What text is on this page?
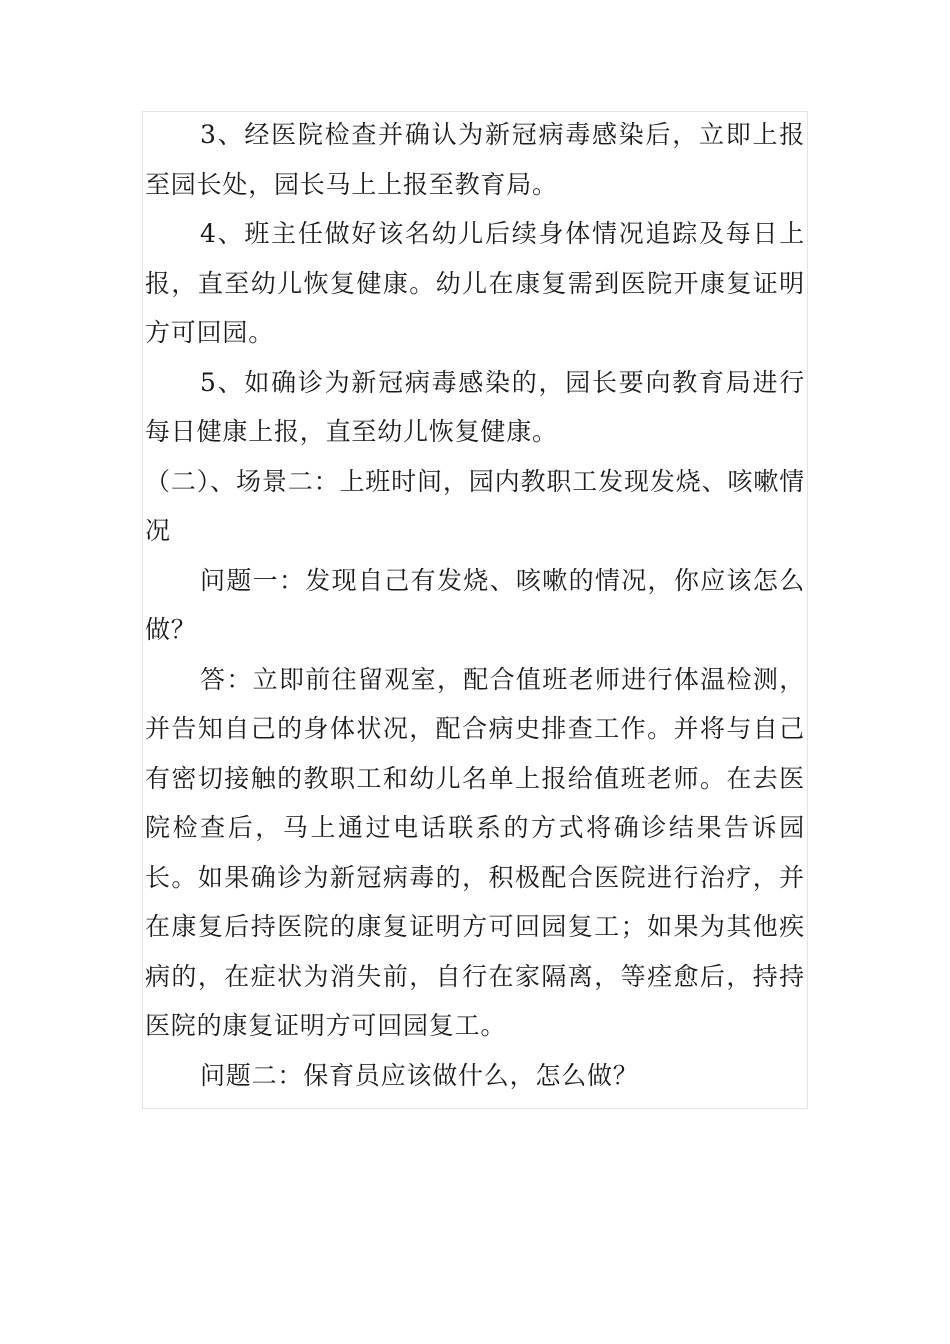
3、经医院检查并确认为新冠病毒感染后，立即上报至园长处，园长马上上报至教育局。

4、班主任做好该名幼儿后续身体情况追踪及每日上报，直至幼儿恢复健康。幼儿在康复需到医院开康复证明方可回园。

5、如确诊为新冠病毒感染的，园长要向教育局进行每日健康上报，直至幼儿恢复健康。

（二）、场景二：上班时间，园内教职工发现发烧、咳嗽情况

问题一：发现自己有发烧、咳嗽的情况，你应该怎么做？

答：立即前往留观室，配合值班老师进行体温检测，并告知自己的身体状况，配合病史排查工作。并将与自己有密切接触的教职工和幼儿名单上报给值班老师。在去医院检查后，马上通过电话联系的方式将确诊结果告诉园长。如果确诊为新冠病毒的，积极配合医院进行治疗，并在康复后持医院的康复证明方可回园复工；如果为其他疾病的，在症状为消失前，自行在家隔离，等痊愈后，持持医院的康复证明方可回园复工。

问题二：保育员应该做什么，怎么做？
